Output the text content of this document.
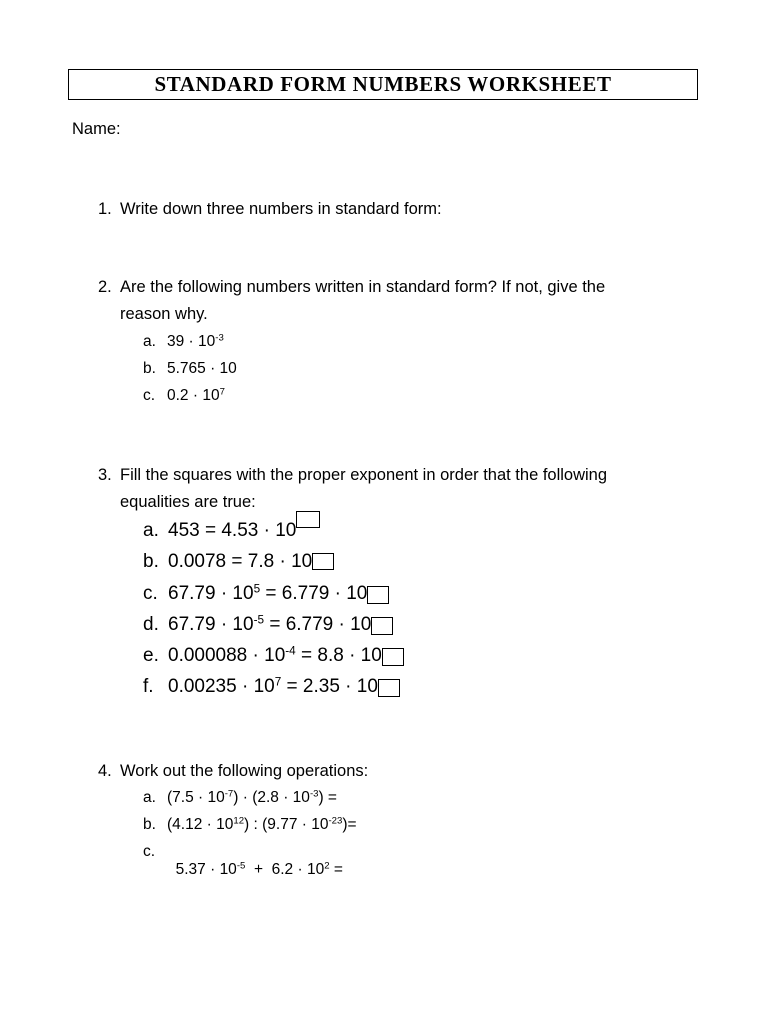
STANDARD FORM NUMBERS WORKSHEET
Name:
1. Write down three numbers in standard form:
2. Are the following numbers written in standard form? If not, give the
reason why.
a. $39 \cdot 10^{-3}$
b. 5.765 · 10
c. $0.2 \cdot 10^7$
3. Fill the squares with the proper exponent in order that the following
equalities are true:
a. 453 = 4.53 · 10
b. 0.0078 = 7.8 · 10
c. $67.79 \cdot 10^5 = 6.779 \cdot 10$
d. $67.79 \cdot 10^{-5} = 6.779 \cdot 10$
e. $0.000088 \cdot 10^{-4} = 8.8 \cdot 10$
f. $0.00235 \cdot 10^7 = 2.35 \cdot 10$
4. Work out the following operations:
a. $(7.5 \cdot 10^{-7}) \cdot (2.8 \cdot 10^{-3})$ =
b. $(4.12 \cdot 10^{12})$ : $(9.77 \cdot 10^{-23})=$
c.

$5.37 \cdot 10^{-5} + 6.2 \cdot 10^2$ =
